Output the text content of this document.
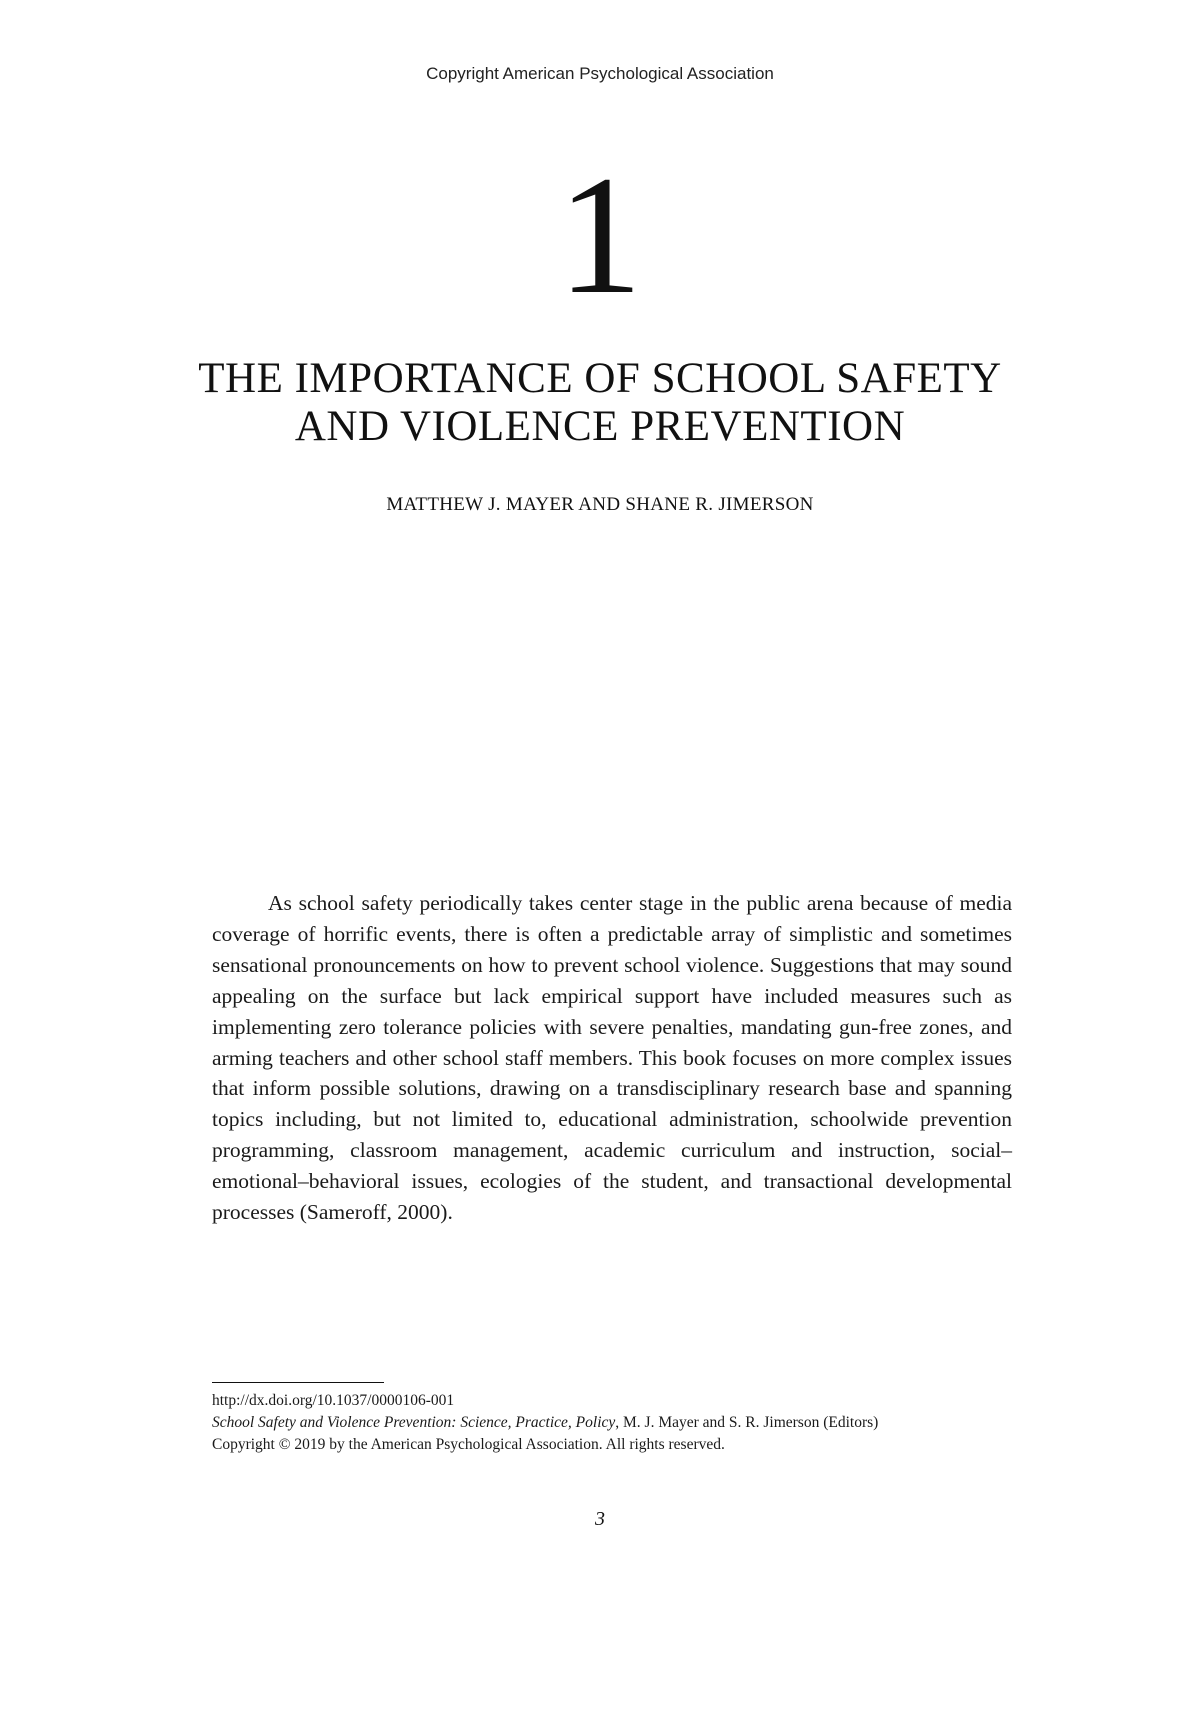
Copyright American Psychological Association
1
THE IMPORTANCE OF SCHOOL SAFETY
AND VIOLENCE PREVENTION
MATTHEW J. MAYER AND SHANE R. JIMERSON

As school safety periodically takes center stage in the public arena because of media coverage of horrific events, there is often a predictable array of simplistic and sometimes sensational pronouncements on how to prevent school violence. Suggestions that may sound appealing on the surface but lack empirical support have included measures such as implementing zero tolerance policies with severe penalties, mandating gun-free zones, and arming teachers and other school staff members. This book focuses on more complex issues that inform possible solutions, drawing on a transdisciplinary research base and spanning topics including, but not limited to, educational administration, schoolwide prevention programming, classroom management, academic curriculum and instruction, social–emotional–behavioral issues, ecologies of the student, and transactional developmental processes (Sameroff, 2000).

http://dx.doi.org/10.1037/0000106-001
School Safety and Violence Prevention: Science, Practice, Policy, M. J. Mayer and S. R. Jimerson (Editors)
Copyright © 2019 by the American Psychological Association. All rights reserved.
3
